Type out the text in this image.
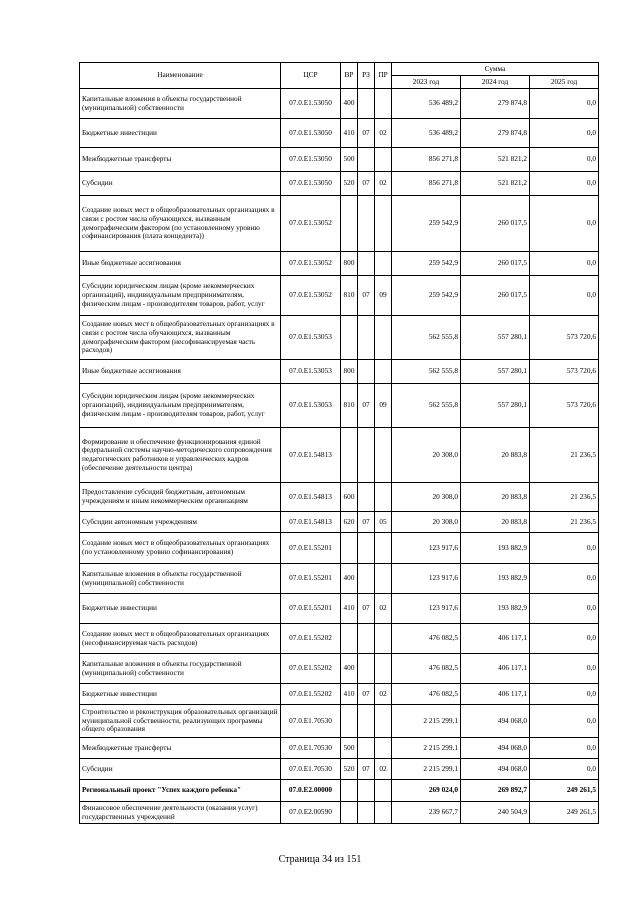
Наименование	ЦСР	ВР	РЗ	ПР	Сумма		
					2023 год	2024 год	2025 год
Капитальные вложения в объекты государственной (муниципальной) собственности	07.0.Е1.53050	400			536 489,2	279 874,8	0,0
Бюджетные инвестиции	07.0.Е1.53050	410	07	02	536 489,2	279 874,8	0,0
Межбюджетные трансферты	07.0.Е1.53050	500			856 271,8	521 821,2	0,0
Субсидии	07.0.Е1.53050	520	07	02	856 271,8	521 821,2	0,0
Создание новых мест в общеобразовательных организациях в связи с ростом числа обучающихся, вызванным демографическим фактором (по установленному уровню софинансирования (плата концедента))	07.0.Е1.53052				259 542,9	260 017,5	0,0
Иные бюджетные ассигнования	07.0.Е1.53052	800			259 542,9	260 017,5	0,0
Субсидии юридическим лицам (кроме некоммерческих организаций), индивидуальным предпринимателям, физическим лицам - производителям товаров, работ, услуг	07.0.Е1.53052	810	07	09	259 542,9	260 017,5	0,0
Создание новых мест в общеобразовательных организациях в связи с ростом числа обучающихся, вызванным демографическим фактором (несофинансируемая часть расходов)	07.0.Е1.53053				562 555,8	557 280,1	573 720,6
Иные бюджетные ассигнования	07.0.Е1.53053	800			562 555,8	557 280,1	573 720,6
Субсидии юридическим лицам (кроме некоммерческих организаций), индивидуальным предпринимателям, физическим лицам - производителям товаров, работ, услуг	07.0.Е1.53053	810	07	09	562 555,8	557 280,1	573 720,6
Формирование и обеспечение функционирования единой федеральной системы научно-методического сопровождения педагогических работников и управленческих кадров (обеспечение деятельности центра)	07.0.Е1.54813				20 308,0	20 883,8	21 236,5
Предоставление субсидий бюджетным, автономным учреждениям и иным некоммерческим организациям	07.0.Е1.54813	600			20 308,0	20 883,8	21 236,5
Субсидии автономным учреждениям	07.0.Е1.54813	620	07	05	20 308,0	20 883,8	21 236,5
Создание новых мест в общеобразовательных организациях (по установленному уровню софинансирования)	07.0.Е1.55201				123 917,6	193 882,9	0,0
Капитальные вложения в объекты государственной (муниципальной) собственности	07.0.Е1.55201	400			123 917,6	193 882,9	0,0
Бюджетные инвестиции	07.0.Е1.55201	410	07	02	123 917,6	193 882,9	0,0
Создание новых мест в общеобразовательных организациях (несофинансируемая часть расходов)	07.0.Е1.55202				476 082,5	406 117,1	0,0
Капитальные вложения в объекты государственной (муниципальной) собственности	07.0.Е1.55202	400			476 082,5	406 117,1	0,0
Бюджетные инвестиции	07.0.Е1.55202	410	07	02	476 082,5	406 117,1	0,0
Строительство и реконструкция образовательных организаций муниципальной собственности, реализующих программы общего образования	07.0.Е1.70530				2 215 299,1	494 068,0	0,0
Межбюджетные трансферты	07.0.Е1.70530	500			2 215 299,1	494 068,0	0,0
Субсидии	07.0.Е1.70530	520	07	02	2 215 299,1	494 068,0	0,0
Региональный проект "Успех каждого ребенка"	07.0.Е2.00000				269 024,0	269 892,7	249 261,5
Финансовое обеспечение деятельности (оказания услуг) государственных учреждений	07.0.Е2.00590				239 667,7	240 504,9	249 261,5
Страница 34 из 151
